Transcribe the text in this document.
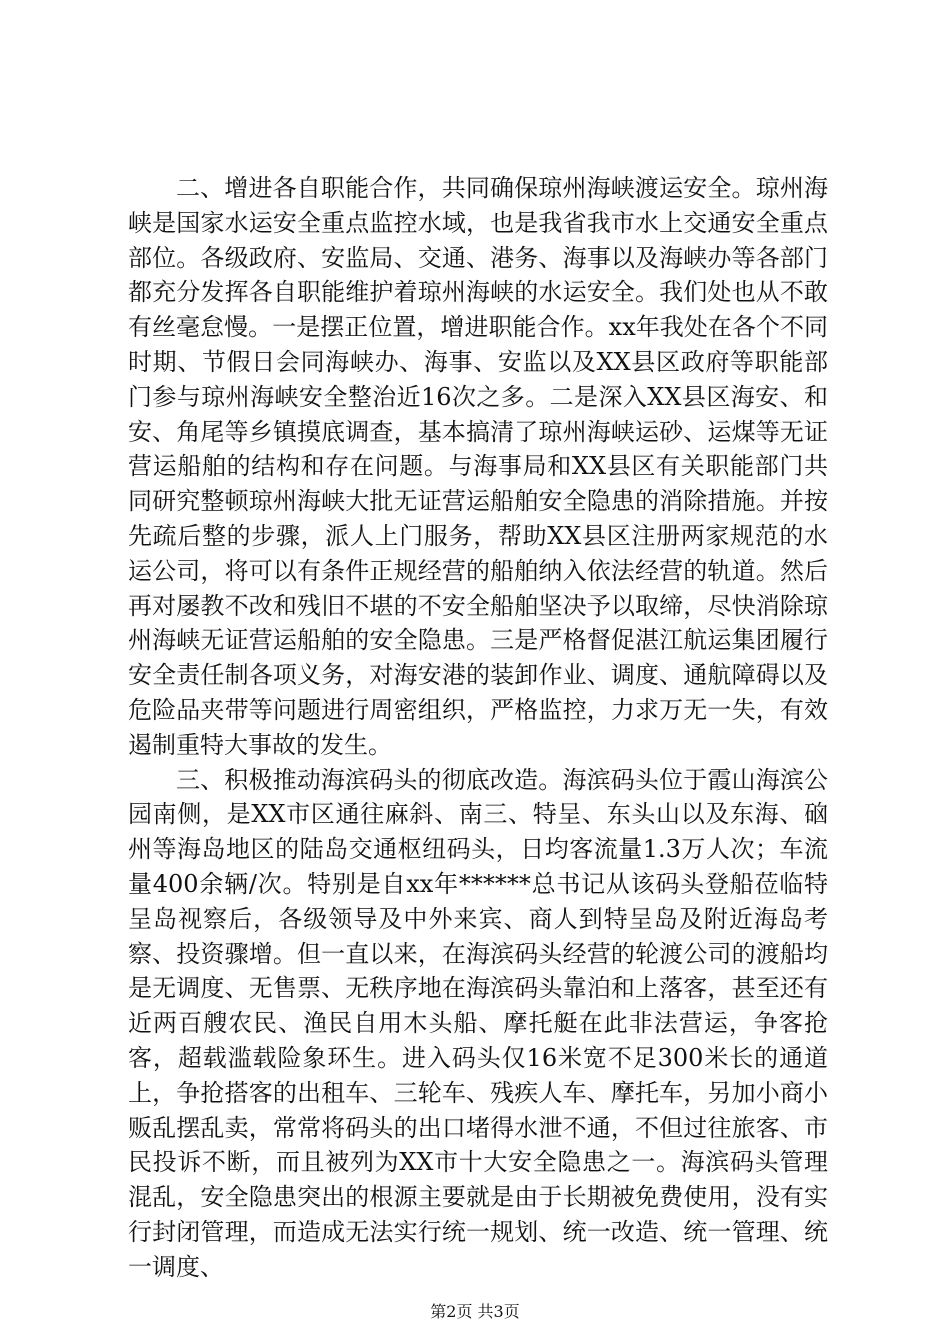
二、增进各自职能合作，共同确保琼州海峡渡运安全。琼州海峡是国家水运安全重点监控水域，也是我省我市水上交通安全重点部位。各级政府、安监局、交通、港务、海事以及海峡办等各部门都充分发挥各自职能维护着琼州海峡的水运安全。我们处也从不敢有丝毫怠慢。一是摆正位置，增进职能合作。xx年我处在各个不同时期、节假日会同海峡办、海事、安监以及XX县区政府等职能部门参与琼州海峡安全整治近16次之多。二是深入XX县区海安、和安、角尾等乡镇摸底调查，基本搞清了琼州海峡运砂、运煤等无证营运船舶的结构和存在问题。与海事局和XX县区有关职能部门共同研究整顿琼州海峡大批无证营运船舶安全隐患的消除措施。并按先疏后整的步骤，派人上门服务，帮助XX县区注册两家规范的水运公司，将可以有条件正规经营的船舶纳入依法经营的轨道。然后再对屡教不改和残旧不堪的不安全船舶坚决予以取缔，尽快消除琼州海峡无证营运船舶的安全隐患。三是严格督促湛江航运集团履行安全责任制各项义务，对海安港的装卸作业、调度、通航障碍以及危险品夹带等问题进行周密组织，严格监控，力求万无一失，有效遏制重特大事故的发生。

三、积极推动海滨码头的彻底改造。海滨码头位于霞山海滨公园南侧，是XX市区通往麻斜、南三、特呈、东头山以及东海、硇州等海岛地区的陆岛交通枢纽码头，日均客流量1.3万人次；车流量400余辆/次。特别是自xx年******总书记从该码头登船莅临特呈岛视察后，各级领导及中外来宾、商人到特呈岛及附近海岛考察、投资骤增。但一直以来，在海滨码头经营的轮渡公司的渡船均是无调度、无售票、无秩序地在海滨码头靠泊和上落客，甚至还有近两百艘农民、渔民自用木头船、摩托艇在此非法营运，争客抢客，超载滥载险象环生。进入码头仅16米宽不足300米长的通道上，争抢搭客的出租车、三轮车、残疾人车、摩托车，另加小商小贩乱摆乱卖，常常将码头的出口堵得水泄不通，不但过往旅客、市民投诉不断，而且被列为XX市十大安全隐患之一。海滨码头管理混乱，安全隐患突出的根源主要就是由于长期被免费使用，没有实行封闭管理，而造成无法实行统一规划、统一改造、统一管理、统一调度、

第2页 共3页
